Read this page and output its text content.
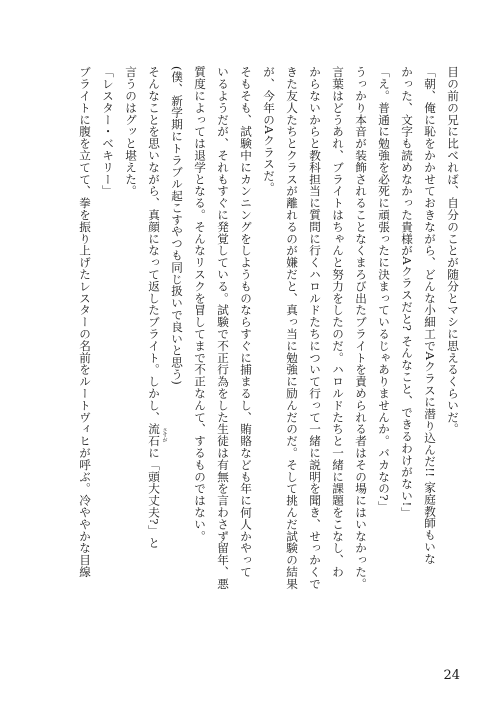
目の前の兄に比べれば、自分のことが随分とマシに思えるくらいだ。
「朝、俺に恥をかかせておきながら、どんな小細工でAクラスに潜り込んだ!! 家庭教師もいな
かった、文字も読めなかった貴様がAクラスだと? そんなこと、できるわけがない!」
「え。普通に勉強を必死に頑張ったに決まっているじゃありませんか。バカなの?」
うっかり本音が装飾されることなくまろび出たブライトを責められる者はその場にはいなかった。
言葉はどうあれ、ブライトはちゃんと努力をしたのだ。ハロルドたちと一緒に課題をこなし、わ
からないからと教科担当に質問に行くハロルドたちについて行って一緒に説明を聞き、せっかくで
きた友人たちとクラスが離れるのが嫌だと、真っ当に勉強に励んだのだ。そして挑んだ試験の結果
が、今年のAクラスだ。
そもそも、試験中にカンニングをしようものならすぐに捕まるし、賄賂なども年に何人かやって
いるようだが、それもすぐに発覚している。試験で不正行為をした生徒は有無を言わさず留年、悪
質度によっては退学となる。そんなリスクを冒してまで不正なんて、するものではない。
(僕、新学期にトラブル起こすやつも同じ扱いで良いと思う)
そんなことを思いながら、真顔になって返したブライト。しかし、流石 さすが
に「頭大丈夫?」と
言うのはグッと堪えた。
「レスター・ベキリー」
ブライトに腹を立てて、拳を振り上げたレスターの名前をルートヴィヒが呼ぶ。冷ややかな目線
24
